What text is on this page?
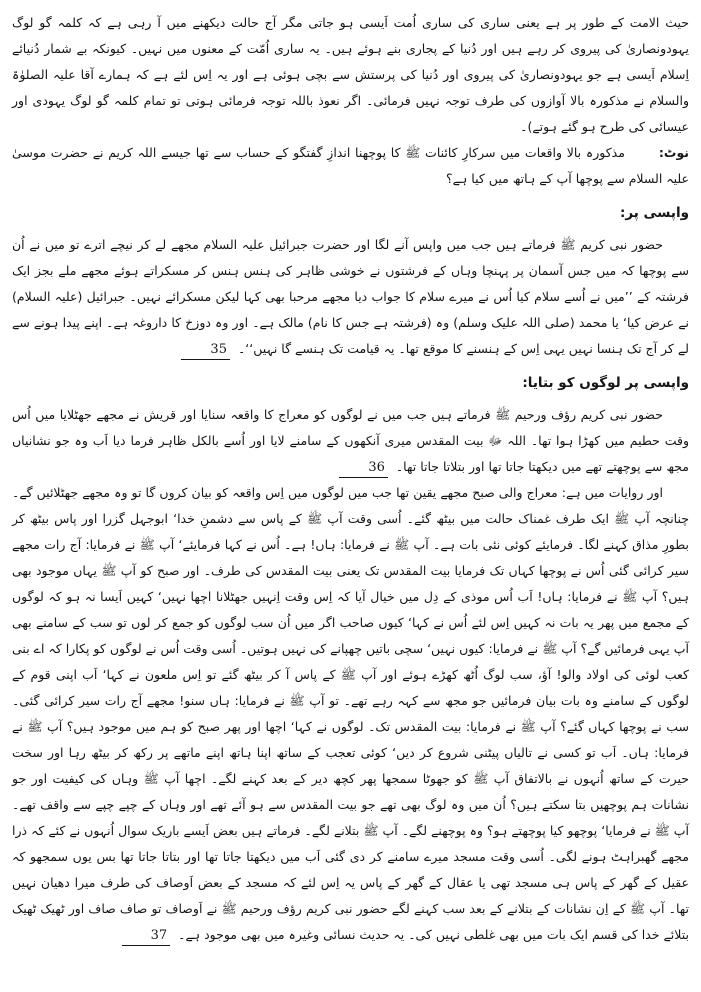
حیث الامت کے طور پر ہے یعنی ساری کی ساری اُمت اَیسی ہو جاتی مگر آج حالت دیکھنے میں آ رہی ہے کہ کلمہ گو لوگ یہودونصاریٰ کی پیروی کر رہے ہیں اور دُنیا کے پجاری بنے ہوئے ہیں۔ یہ ساری اُمّت کے معنوں میں نہیں۔ کیونکہ بے شمار دُنیائے اِسلام اَیسی ہے جو یہودونصاریٰ کی پیروی اور دُنیا کی پرستش سے بچی ہوئی ہے اور یہ اِس لئے ہے کہ ہمارے آقا علیہ الصلوٰۃ والسلام نے مذکورہ بالا آوازوں کی طرف توجہ نہیں فرمائی۔ اگر نعوذ باللہ توجہ فرمائی ہوتی تو تمام کلمہ گو لوگ یہودی اور عیسائی کی طرح ہو گئے ہوتے)۔

نوٹ:مذکورہ بالا واقعات میں سرکارِ کائنات ﷺ کا پوچھنا اندازِ گفتگو کے حساب سے تھا جیسے اللہ کریم نے حضرت موسیٰ علیہ السلام سے پوچھا آپ کے ہاتھ میں کیا ہے؟

واپسی پر:

حضور نبی کریم ﷺ فرماتے ہیں جب میں واپس آنے لگا اور حضرت جبرائیل علیہ السلام مجھے لے کر نیچے اترے تو میں نے اُن سے پوچھا کہ میں جس آسمان پر پہنچا وہاں کے فرشتوں نے خوشی ظاہر کی ہنس ہنس کر مسکراتے ہوئے مجھے ملے بجز ایک فرشتہ کے ’’میں نے اُسے سلام کیا اُس نے میرے سلام کا جواب دیا مجھے مرحبا بھی کہا لیکن مسکرائے نہیں۔ جبرائیل (علیہ السلام) نے عرض کیا‘ یا محمد (صلی اللہ علیک وسلم) وہ (فرشتہ ہے جس کا نام) مالک ہے۔ اور وہ دوزخ کا داروغہ ہے۔ اپنے پیدا ہونے سے لے کر آج تک ہنسا نہیں یہی اِس کے ہنسنے کا موقع تھا۔ یہ قیامت تک ہنسے گا نہیں‘‘۔ 35

واپسی پر لوگوں کو بتایا:

حضور نبی کریم رؤف ورحیم ﷺ فرماتے ہیں جب میں نے لوگوں کو معراج کا واقعہ سنایا اور قریش نے مجھے جھٹلایا میں اُس وقت حطیم میں کھڑا ہوا تھا۔ اللہ ﷻ بیت المقدس میری آنکھوں کے سامنے لایا اور اُسے بالکل ظاہر فرما دیا اَب وہ جو نشانیاں مجھ سے پوچھتے تھے میں دیکھتا جاتا تھا اور بتلاتا جاتا تھا۔ 36

اور روایات میں ہے: معراج والی صبح مجھے یقین تھا جب میں لوگوں میں اِس واقعہ کو بیان کروں گا تو وہ مجھے جھٹلائیں گے۔ چنانچہ آپ ﷺ ایک طرف غمناک حالت میں بیٹھ گئے۔ اُسی وقت آپ ﷺ کے پاس سے دشمنِ خدا‘ ابوجہل گزرا اور پاس بیٹھ کر بطورِ مذاق کہنے لگا۔ فرمایئے کوئی نئی بات ہے۔ آپ ﷺ نے فرمایا: ہاں! ہے۔ اُس نے کہا فرمایئے‘ آپ ﷺ نے فرمایا: آج رات مجھے سیر کرائی گئی اُس نے پوچھا کہاں تک فرمایا بیت المقدس تک یعنی بیت المقدس کی طرف۔ اور صبح کو آپ ﷺ یہاں موجود بھی ہیں؟ آپ ﷺ نے فرمایا: ہاں! اَب اُس موذی کے دِل میں خیال آیا کہ اِس وقت اِنہیں جھٹلانا اچھا نہیں‘ کہیں اَیسا نہ ہو کہ لوگوں کے مجمع میں پھر یہ بات نہ کہیں اِس لئے اُس نے کہا‘ کیوں صاحب اگر میں اُن سب لوگوں کو جمع کر لوں تو سب کے سامنے بھی آپ یہی فرمائیں گے؟ آپ ﷺ نے فرمایا: کیوں نہیں‘ سچی باتیں چھپانے کی نہیں ہوتیں۔ اُسی وقت اُس نے لوگوں کو پکارا کہ اے بنی کعب لوئی کی اولاد والو! آؤ، سب لوگ اُٹھ کھڑے ہوئے اور آپ ﷺ کے پاس آ کر بیٹھ گئے تو اِس ملعون نے کہا‘ اَب اپنی قوم کے لوگوں کے سامنے وہ بات بیان فرمائیں جو مجھ سے کہہ رہے تھے۔ تو آپ ﷺ نے فرمایا: ہاں سنو! مجھے آج رات سیر کرائی گئی۔ سب نے پوچھا کہاں گئے؟ آپ ﷺ نے فرمایا: بیت المقدس تک۔ لوگوں نے کہا‘ اچھا اور پھر صبح کو ہم میں موجود ہیں؟ آپ ﷺ نے فرمایا: ہاں۔ اَب تو کسی نے تالیاں پیٹنی شروع کر دیں‘ کوئی تعجب کے ساتھ اپنا ہاتھ اپنے ماتھے پر رکھ کر بیٹھ رہا اور سخت حیرت کے ساتھ اُنہوں نے بالاتفاق آپ ﷺ کو جھوٹا سمجھا پھر کچھ دیر کے بعد کہنے لگے۔ اچھا آپ ﷺ وہاں کی کیفیت اور جو نشانات ہم پوچھیں بتا سکتے ہیں؟ اُن میں وہ لوگ بھی تھے جو بیت المقدس سے ہو آئے تھے اور وہاں کے چپے چپے سے واقف تھے۔ آپ ﷺ نے فرمایا‘ پوچھو کیا پوچھتے ہو؟ وہ پوچھنے لگے۔ آپ ﷺ بتلانے لگے۔ فرماتے ہیں بعض اَیسے باریک سوال اُنہوں نے کئے کہ ذرا مجھے گھبراہٹ ہونے لگی۔ اُسی وقت مسجد میرے سامنے کر دی گئی اَب میں دیکھتا جاتا تھا اور بتاتا جاتا تھا بس یوں سمجھو کہ عقیل کے گھر کے پاس ہی مسجد تھی یا عقال کے گھر کے پاس یہ اِس لئے کہ مسجد کے بعض اَوصاف کی طرف میرا دھیان نہیں تھا۔ آپ ﷺ کے اِن نشانات کے بتلانے کے بعد سب کہنے لگے حضور نبی کریم رؤف ورحیم ﷺ نے اَوصاف تو صاف صاف اور ٹھیک ٹھیک بتلائے خدا کی قسم ایک بات میں بھی غلطی نہیں کی۔ یہ حدیث نسائی وغیرہ میں بھی موجود ہے۔ 37
